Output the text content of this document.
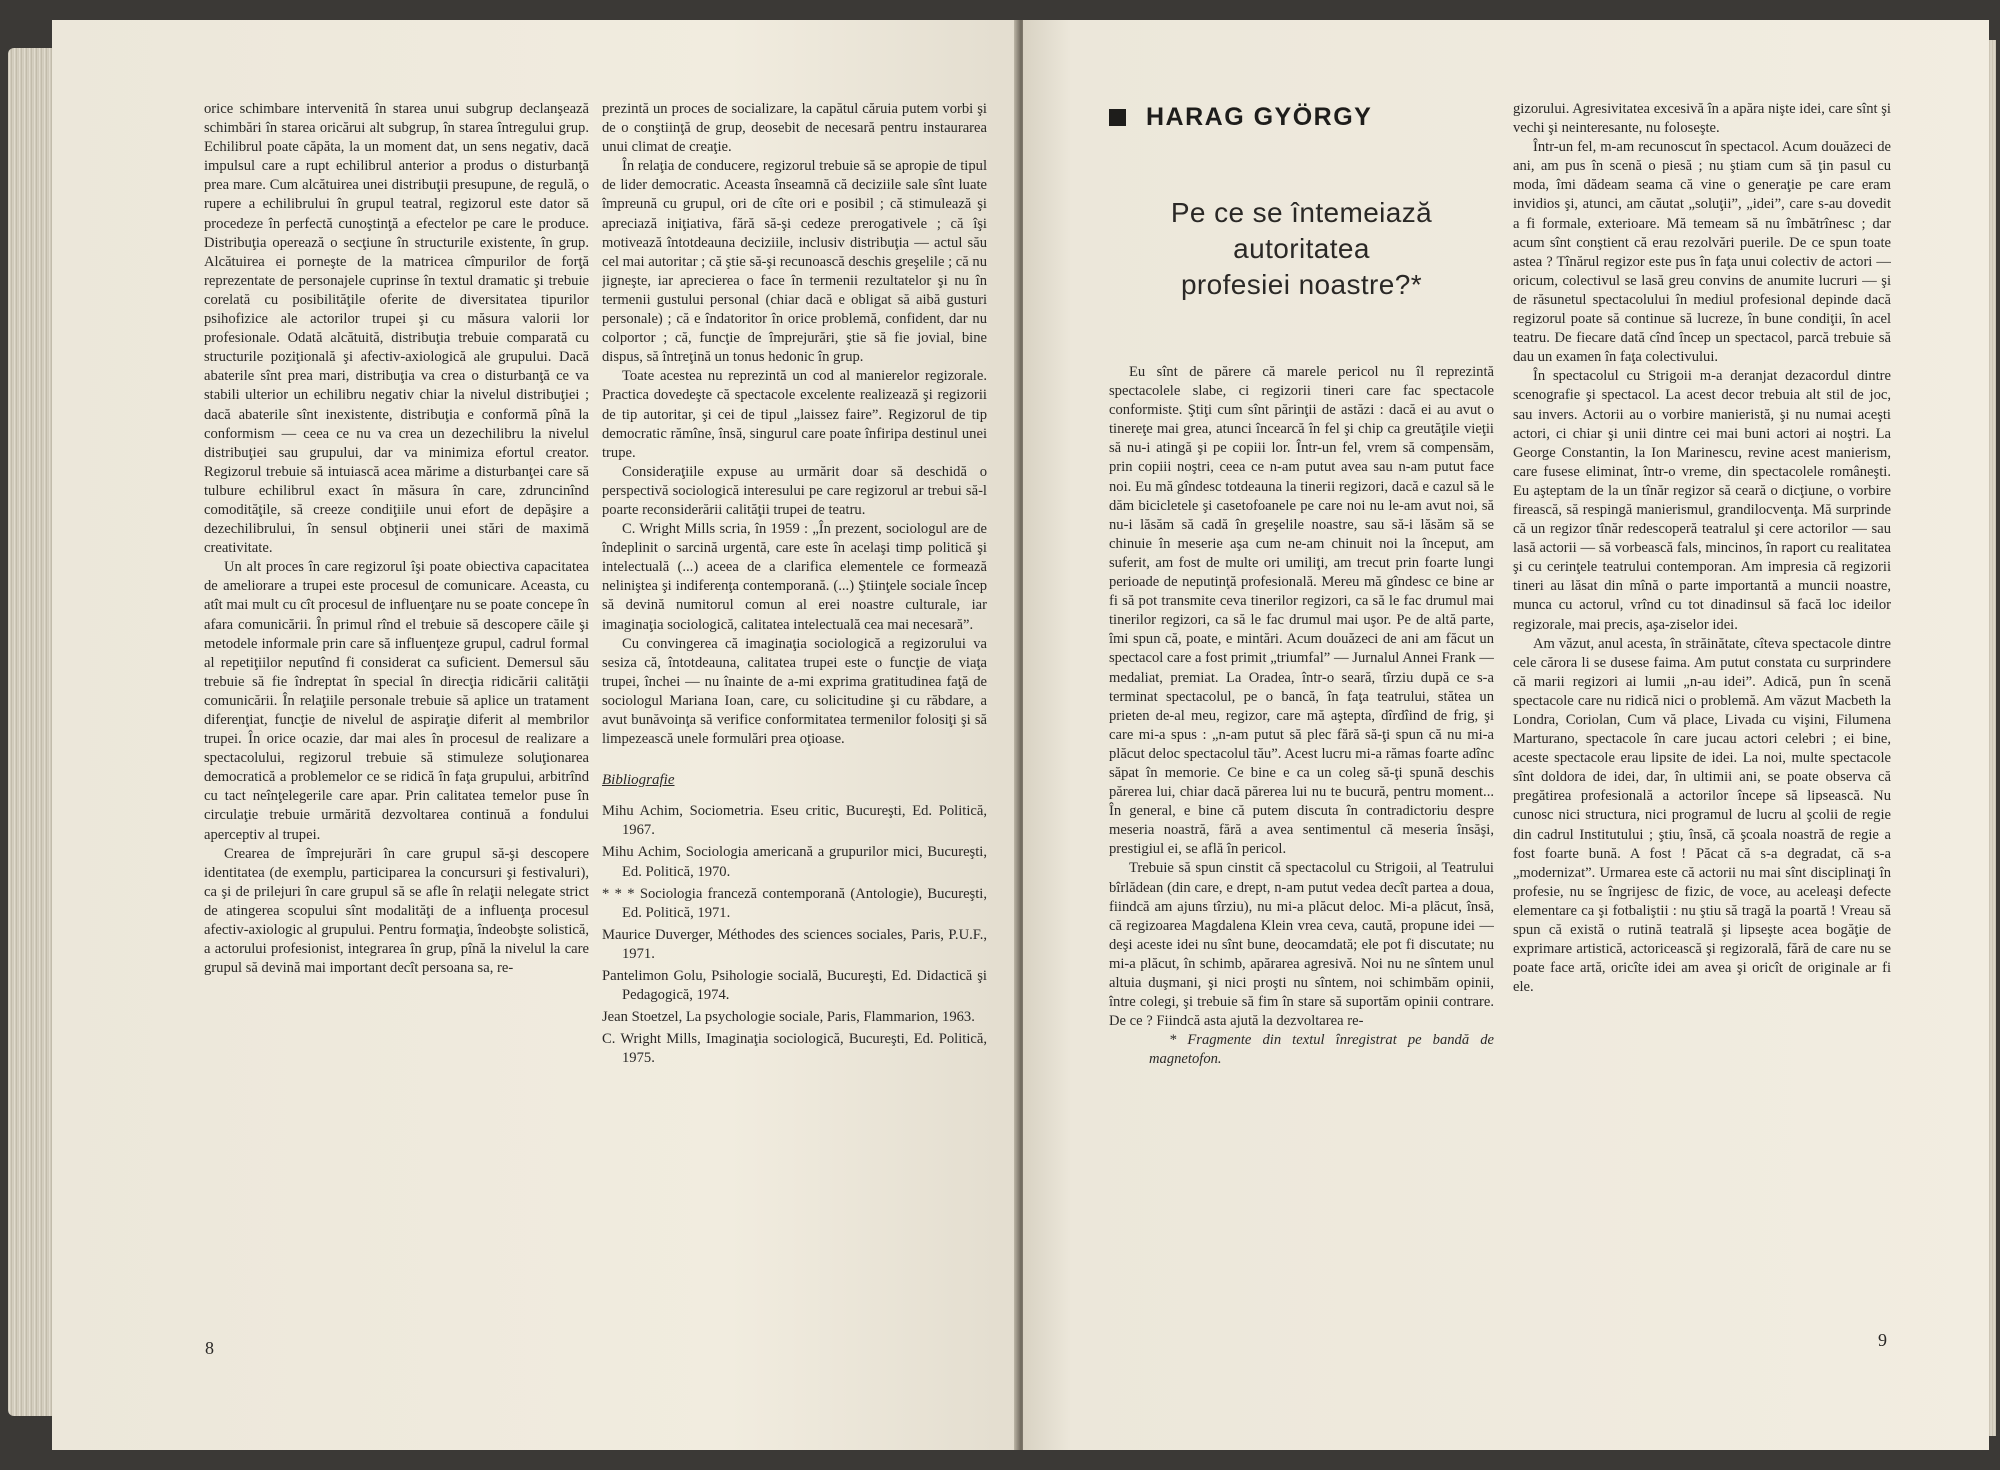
orice schimbare intervenită în starea unui subgrup declanşează schimbări în starea oricărui alt subgrup, în starea întregului grup. Echilibrul poate căpăta, la un moment dat, un sens negativ, dacă impulsul care a rupt echilibrul anterior a produs o disturbanţă prea mare. Cum alcătuirea unei distribuţii presupune, de regulă, o rupere a echilibrului în grupul teatral, regizorul este dator să procedeze în perfectă cunoştinţă a efectelor pe care le produce. Distribuţia operează o secţiune în structurile existente, în grup. Alcătuirea ei porneşte de la matricea cîmpurilor de forţă reprezentate de personajele cuprinse în textul dramatic şi trebuie corelată cu posibilităţile oferite de diversitatea tipurilor psihofizice ale actorilor trupei şi cu măsura valorii lor profesionale. Odată alcătuită, distribuţia trebuie comparată cu structurile poziţională şi afectiv-axiologică ale grupului. Dacă abaterile sînt prea mari, distribuţia va crea o disturbanţă ce va stabili ulterior un echilibru negativ chiar la nivelul distribuţiei ; dacă abaterile sînt inexistente, distribuţia e conformă pînă la conformism — ceea ce nu va crea un dezechilibru la nivelul distribuţiei sau grupului, dar va minimiza efortul creator. Regizorul trebuie să intuiască acea mărime a disturbanţei care să tulbure echilibrul exact în măsura în care, zdruncinînd comodităţile, să creeze condiţiile unui efort de depăşire a dezechilibrului, în sensul obţinerii unei stări de maximă creativitate.

Un alt proces în care regizorul îşi poate obiectiva capacitatea de ameliorare a trupei este procesul de comunicare. Aceasta, cu atît mai mult cu cît procesul de influenţare nu se poate concepe în afara comunicării. În primul rînd el trebuie să descopere căile şi metodele informale prin care să influenţeze grupul, cadrul formal al repetiţiilor neputînd fi considerat ca suficient. Demersul său trebuie să fie îndreptat în special în direcţia ridicării calităţii comunicării. În relaţiile personale trebuie să aplice un tratament diferenţiat, funcţie de nivelul de aspiraţie diferit al membrilor trupei. În orice ocazie, dar mai ales în procesul de realizare a spectacolului, regizorul trebuie să stimuleze soluţionarea democratică a problemelor ce se ridică în faţa grupului, arbitrînd cu tact neînţelegerile care apar. Prin calitatea temelor puse în circulaţie trebuie urmărită dezvoltarea continuă a fondului aperceptiv al trupei.

Crearea de împrejurări în care grupul să-şi descopere identitatea (de exemplu, participarea la concursuri şi festivaluri), ca şi de prilejuri în care grupul să se afle în relaţii nelegate strict de atingerea scopului sînt modalităţi de a influenţa procesul afectiv-axiologic al grupului. Pentru formaţia, îndeobşte solistică, a actorului profesionist, integrarea în grup, pînă la nivelul la care grupul să devină mai important decît persoana sa, re-

prezintă un proces de socializare, la capătul căruia putem vorbi şi de o conştiinţă de grup, deosebit de necesară pentru instaurarea unui climat de creaţie.

În relaţia de conducere, regizorul trebuie să se apropie de tipul de lider democratic. Aceasta înseamnă că deciziile sale sînt luate împreună cu grupul, ori de cîte ori e posibil ; că stimulează şi apreciază iniţiativa, fără să-şi cedeze prerogativele ; că îşi motivează întotdeauna deciziile, inclusiv distribuţia — actul său cel mai autoritar ; că ştie să-şi recunoască deschis greşelile ; că nu jigneşte, iar aprecierea o face în termenii rezultatelor şi nu în termenii gustului personal (chiar dacă e obligat să aibă gusturi personale) ; că e îndatoritor în orice problemă, confident, dar nu colportor ; că, funcţie de împrejurări, ştie să fie jovial, bine dispus, să întreţină un tonus hedonic în grup.

Toate acestea nu reprezintă un cod al manierelor regizorale. Practica dovedeşte că spectacole excelente realizează şi regizorii de tip autoritar, şi cei de tipul „laissez faire”. Regizorul de tip democratic rămîne, însă, singurul care poate înfiripa destinul unei trupe.

Consideraţiile expuse au urmărit doar să deschidă o perspectivă sociologică interesului pe care regizorul ar trebui să-l poarte reconsiderării calităţii trupei de teatru.

C. Wright Mills scria, în 1959 : „În prezent, sociologul are de îndeplinit o sarcină urgentă, care este în acelaşi timp politică şi intelectuală (...) aceea de a clarifica elementele ce formează neliniştea şi indiferenţa contemporană. (...) Ştiinţele sociale încep să devină numitorul comun al erei noastre culturale, iar imaginaţia sociologică, calitatea intelectuală cea mai necesară”.

Cu convingerea că imaginaţia sociologică a regizorului va sesiza că, întotdeauna, calitatea trupei este o funcţie de viaţa trupei, închei — nu înainte de a-mi exprima gratitudinea faţă de sociologul Mariana Ioan, care, cu solicitudine şi cu răbdare, a avut bunăvoinţa să verifice conformitatea termenilor folosiţi şi să limpezească unele formulări prea oţioase.

Bibliografie

Mihu Achim, Sociometria. Eseu critic, Bucureşti, Ed. Politică, 1967.

Mihu Achim, Sociologia americană a grupurilor mici, Bucureşti, Ed. Politică, 1970.

* * * Sociologia franceză contemporană (Antologie), Bucureşti, Ed. Politică, 1971.

Maurice Duverger, Méthodes des sciences sociales, Paris, P.U.F., 1971.

Pantelimon Golu, Psihologie socială, Bucureşti, Ed. Didactică şi Pedagogică, 1974.

Jean Stoetzel, La psychologie sociale, Paris, Flammarion, 1963.

C. Wright Mills, Imaginaţia sociologică, Bucureşti, Ed. Politică, 1975.

8
HARAG GYÖRGY
Pe ce se întemeiază
autoritatea
profesiei noastre?*

Eu sînt de părere că marele pericol nu îl reprezintă spectacolele slabe, ci regizorii tineri care fac spectacole conformiste. Ştiţi cum sînt părinţii de astăzi : dacă ei au avut o tinereţe mai grea, atunci încearcă în fel şi chip ca greutăţile vieţii să nu-i atingă şi pe copiii lor. Într-un fel, vrem să compensăm, prin copiii noştri, ceea ce n-am putut avea sau n-am putut face noi. Eu mă gîndesc totdeauna la tinerii regizori, dacă e cazul să le dăm bicicletele şi casetofoanele pe care noi nu le-am avut noi, să nu-i lăsăm să cadă în greşelile noastre, sau să-i lăsăm să se chinuie în meserie aşa cum ne-am chinuit noi la început, am suferit, am fost de multe ori umiliţi, am trecut prin foarte lungi perioade de neputinţă profesională. Mereu mă gîndesc ce bine ar fi să pot transmite ceva tinerilor regizori, ca să le fac drumul mai tinerilor regizori, ca să le fac drumul mai uşor. Pe de altă parte, îmi spun că, poate, e mintări. Acum douăzeci de ani am făcut un spectacol care a fost primit „triumfal” — Jurnalul Annei Frank — medaliat, premiat. La Oradea, într-o seară, tîrziu după ce s-a terminat spectacolul, pe o bancă, în faţa teatrului, stătea un prieten de-al meu, regizor, care mă aştepta, dîrdîind de frig, şi care mi-a spus : „n-am putut să plec fără să-ţi spun că nu mi-a plăcut deloc spectacolul tău”. Acest lucru mi-a rămas foarte adînc săpat în memorie. Ce bine e ca un coleg să-ţi spună deschis părerea lui, chiar dacă părerea lui nu te bucură, pentru moment... În general, e bine că putem discuta în contradictoriu despre meseria noastră, fără a avea sentimentul că meseria însăşi, prestigiul ei, se află în pericol.

Trebuie să spun cinstit că spectacolul cu Strigoii, al Teatrului bîrlădean (din care, e drept, n-am putut vedea decît partea a doua, fiindcă am ajuns tîrziu), nu mi-a plăcut deloc. Mi-a plăcut, însă, că regizoarea Magdalena Klein vrea ceva, caută, propune idei — deşi aceste idei nu sînt bune, deocamdată; ele pot fi discutate; nu mi-a plăcut, în schimb, apărarea agresivă. Noi nu ne sîntem unul altuia duşmani, şi nici proşti nu sîntem, noi schimbăm opinii, între colegi, şi trebuie să fim în stare să suportăm opinii contrare. De ce ? Fiindcă asta ajută la dezvoltarea re-

* Fragmente din textul înregistrat pe bandă de magnetofon.

gizorului. Agresivitatea excesivă în a apăra nişte idei, care sînt şi vechi şi neinteresante, nu foloseşte.

Într-un fel, m-am recunoscut în spectacol. Acum douăzeci de ani, am pus în scenă o piesă ; nu ştiam cum să ţin pasul cu moda, îmi dădeam seama că vine o generaţie pe care eram invidios şi, atunci, am căutat „soluţii”, „idei”, care s-au dovedit a fi formale, exterioare. Mă temeam să nu îmbătrînesc ; dar acum sînt conştient că erau rezolvări puerile. De ce spun toate astea ? Tînărul regizor este pus în faţa unui colectiv de actori — oricum, colectivul se lasă greu convins de anumite lucruri — şi de răsunetul spectacolului în mediul profesional depinde dacă regizorul poate să continue să lucreze, în bune condiţii, în acel teatru. De fiecare dată cînd încep un spectacol, parcă trebuie să dau un examen în faţa colectivului.

În spectacolul cu Strigoii m-a deranjat dezacordul dintre scenografie şi spectacol. La acest decor trebuia alt stil de joc, sau invers. Actorii au o vorbire manieristă, şi nu numai aceşti actori, ci chiar şi unii dintre cei mai buni actori ai noştri. La George Constantin, la Ion Marinescu, revine acest manierism, care fusese eliminat, într-o vreme, din spectacolele româneşti. Eu aşteptam de la un tînăr regizor să ceară o dicţiune, o vorbire firească, să respingă manierismul, grandilocvenţa. Mă surprinde că un regizor tînăr redescoperă teatralul şi cere actorilor — sau lasă actorii — să vorbească fals, mincinos, în raport cu realitatea şi cu cerinţele teatrului contemporan. Am impresia că regizorii tineri au lăsat din mînă o parte importantă a muncii noastre, munca cu actorul, vrînd cu tot dinadinsul să facă loc ideilor regizorale, mai precis, aşa-ziselor idei.

Am văzut, anul acesta, în străinătate, cîteva spectacole dintre cele cărora li se dusese faima. Am putut constata cu surprindere că marii regizori ai lumii „n-au idei”. Adică, pun în scenă spectacole care nu ridică nici o problemă. Am văzut Macbeth la Londra, Coriolan, Cum vă place, Livada cu vişini, Filumena Marturano, spectacole în care jucau actori celebri ; ei bine, aceste spectacole erau lipsite de idei. La noi, multe spectacole sînt doldora de idei, dar, în ultimii ani, se poate observa că pregătirea profesională a actorilor începe să lipsească. Nu cunosc nici structura, nici programul de lucru al şcolii de regie din cadrul Institutului ; ştiu, însă, că şcoala noastră de regie a fost foarte bună. A fost ! Păcat că s-a degradat, că s-a „modernizat”. Urmarea este că actorii nu mai sînt disciplinaţi în profesie, nu se îngrijesc de fizic, de voce, au aceleaşi defecte elementare ca şi fotbaliştii : nu ştiu să tragă la poartă ! Vreau să spun că există o rutină teatrală şi lipseşte acea bogăţie de exprimare artistică, actoricească şi regizorală, fără de care nu se poate face artă, oricîte idei am avea şi oricît de originale ar fi ele.

9
